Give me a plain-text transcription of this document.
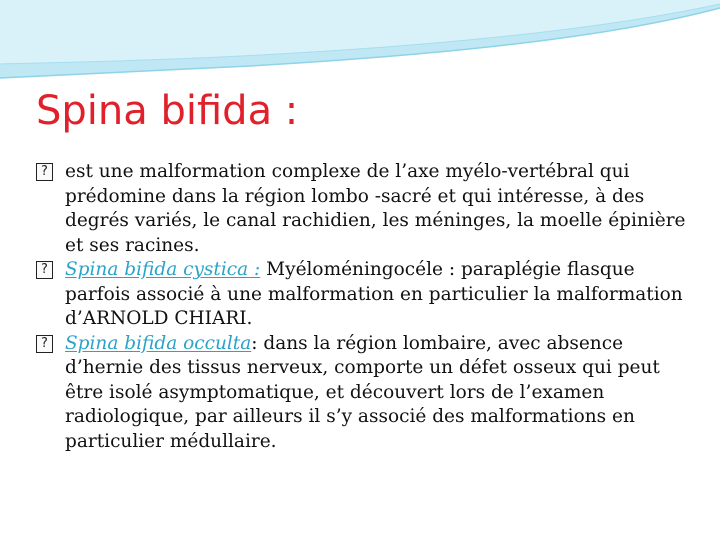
Spina bifida :

? est une malformation complexe de l’axe myélo-vertébral qui prédomine dans la région lombo -sacré et qui intéresse, à des degrés variés, le canal rachidien, les méninges, la moelle épinière et ses racines.

? Spina bifida cystica : Myéloméningocéle : paraplégie flasque parfois associé à une malformation en particulier la malformation d’ARNOLD CHIARI.

? Spina bifida occulta: dans la région lombaire, avec absence d’hernie des tissus nerveux, comporte un défet osseux qui peut être isolé asymptomatique, et découvert lors de l’examen radiologique, par ailleurs il s’y associé des malformations en particulier médullaire.
